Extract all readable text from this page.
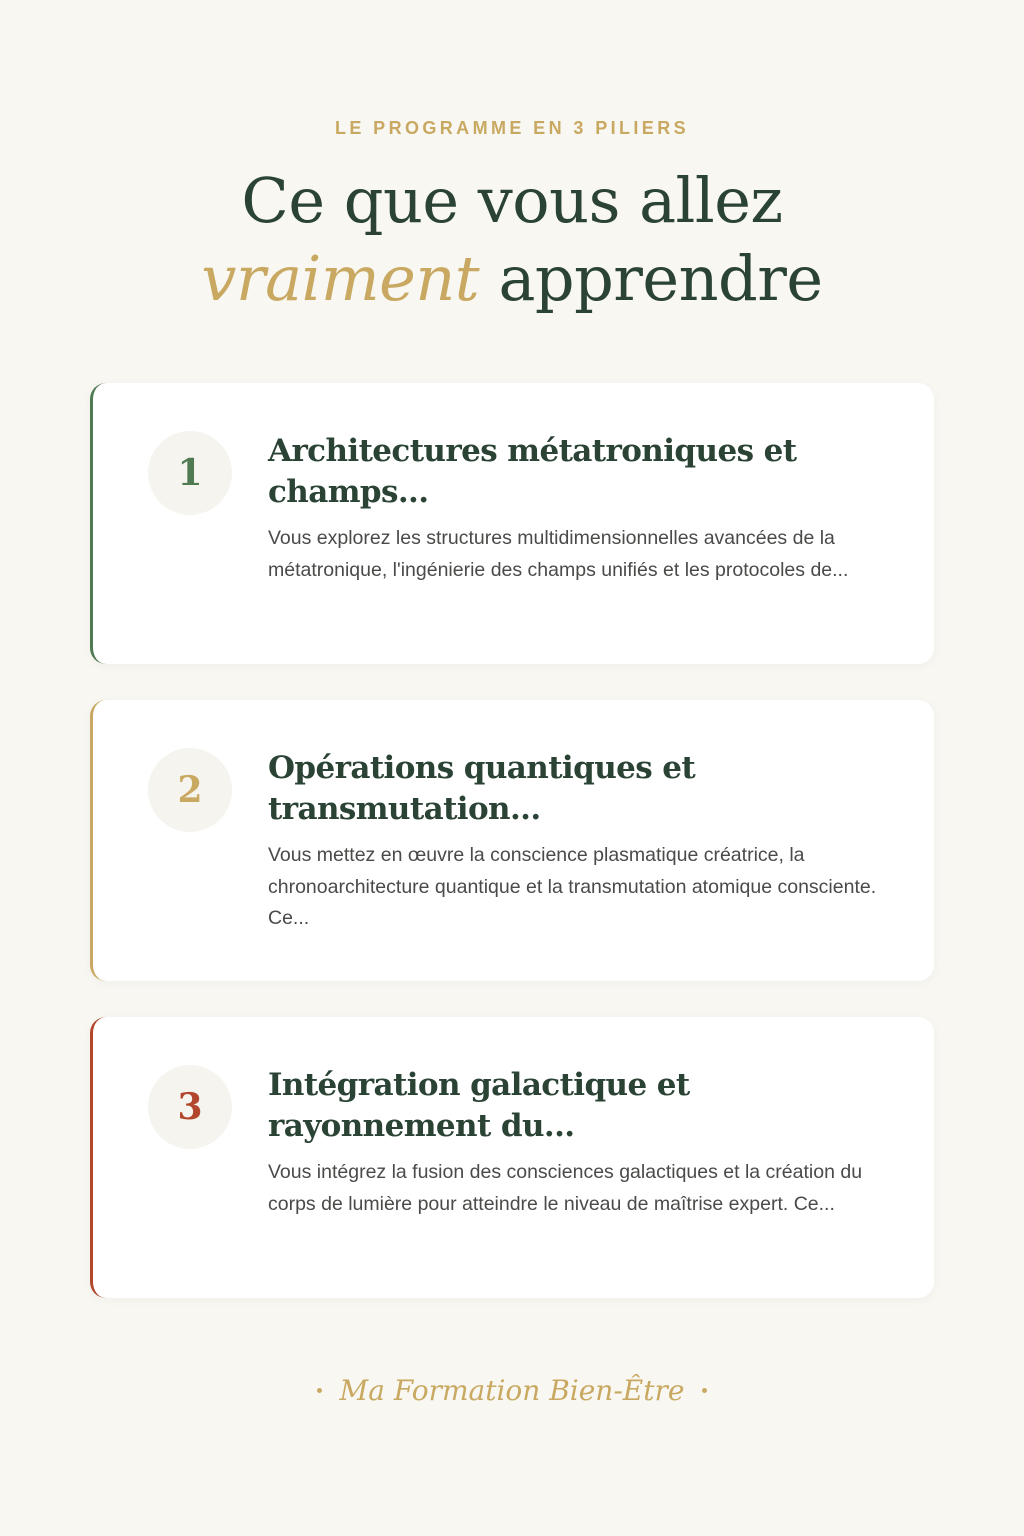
LE PROGRAMME EN 3 PILIERS
Ce que vous allez
vraiment apprendre
1
Architectures métatroniques et champs...

Vous explorez les structures multidimensionnelles avancées de la métatronique, l'ingénierie des champs unifiés et les protocoles de...

2
Opérations quantiques et transmutation...

Vous mettez en œuvre la conscience plasmatique créatrice, la chronoarchitecture quantique et la transmutation atomique consciente. Ce...

3
Intégration galactique et rayonnement du...

Vous intégrez la fusion des consciences galactiques et la création du corps de lumière pour atteindre le niveau de maîtrise expert. Ce...

Ma Formation Bien-Être
